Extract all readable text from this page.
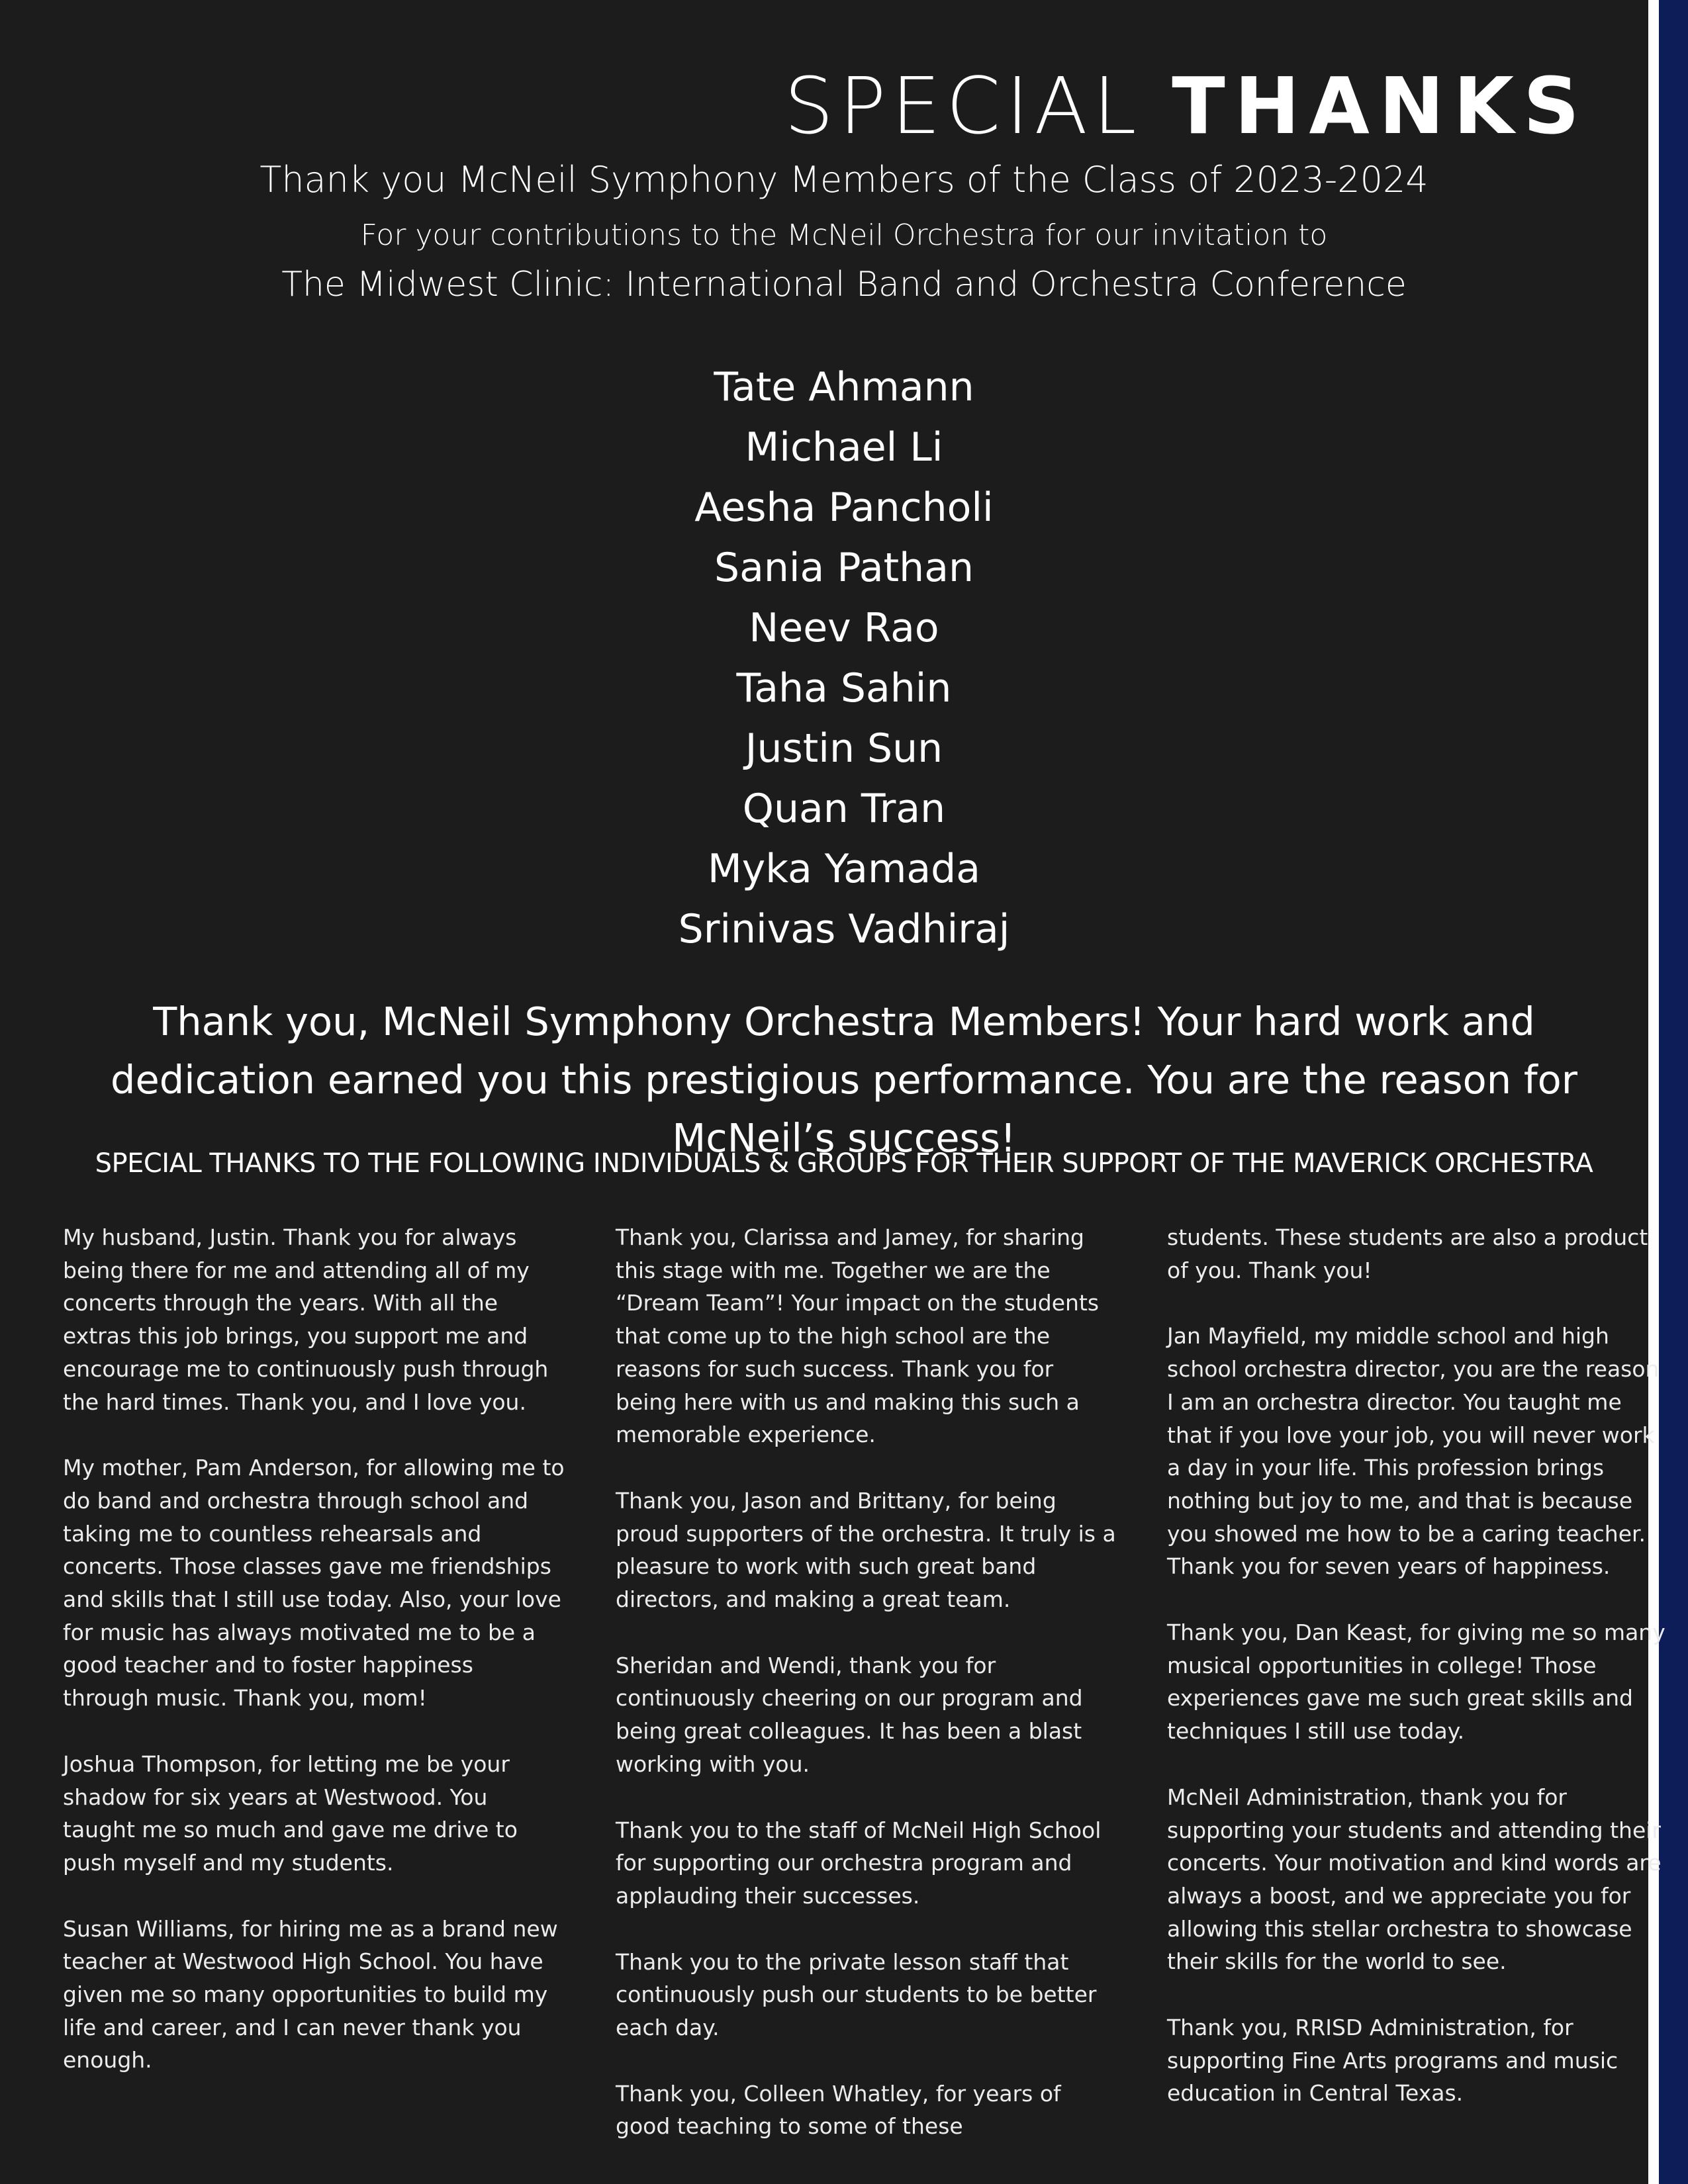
SPECIAL THANKS
Thank you McNeil Symphony Members of the Class of 2023-2024
For your contributions to the McNeil Orchestra for our invitation to
The Midwest Clinic: International Band and Orchestra Conference
Tate Ahmann
Michael Li
Aesha Pancholi
Sania Pathan
Neev Rao
Taha Sahin
Justin Sun
Quan Tran
Myka Yamada
Srinivas Vadhiraj
Thank you, McNeil Symphony Orchestra Members! Your hard work and dedication earned you this prestigious performance. You are the reason for McNeil’s success!
SPECIAL THANKS TO THE FOLLOWING INDIVIDUALS & GROUPS FOR THEIR SUPPORT OF THE MAVERICK ORCHESTRA

My husband, Justin. Thank you for always being there for me and attending all of my concerts through the years. With all the extras this job brings, you support me and encourage me to continuously push through the hard times. Thank you, and I love you.

My mother, Pam Anderson, for allowing me to do band and orchestra through school and taking me to countless rehearsals and concerts. Those classes gave me friendships and skills that I still use today. Also, your love for music has always motivated me to be a good teacher and to foster happiness through music. Thank you, mom!

Joshua Thompson, for letting me be your shadow for six years at Westwood. You taught me so much and gave me drive to push myself and my students.

Susan Williams, for hiring me as a brand new teacher at Westwood High School. You have given me so many opportunities to build my life and career, and I can never thank you enough.

Thank you, Clarissa and Jamey, for sharing this stage with me. Together we are the “Dream Team”! Your impact on the students that come up to the high school are the reasons for such success. Thank you for being here with us and making this such a memorable experience.

Thank you, Jason and Brittany, for being proud supporters of the orchestra. It truly is a pleasure to work with such great band directors, and making a great team.

Sheridan and Wendi, thank you for continuously cheering on our program and being great colleagues. It has been a blast working with you.

Thank you to the staff of McNeil High School for supporting our orchestra program and applauding their successes.

Thank you to the private lesson staff that continuously push our students to be better each day.

Thank you, Colleen Whatley, for years of good teaching to some of these

students. These students are also a product of you. Thank you!

Jan Mayfield, my middle school and high school orchestra director, you are the reason I am an orchestra director. You taught me that if you love your job, you will never work a day in your life. This profession brings nothing but joy to me, and that is because you showed me how to be a caring teacher. Thank you for seven years of happiness.

Thank you, Dan Keast, for giving me so many musical opportunities in college! Those experiences gave me such great skills and techniques I still use today.

McNeil Administration, thank you for supporting your students and attending their concerts. Your motivation and kind words are always a boost, and we appreciate you for allowing this stellar orchestra to showcase their skills for the world to see.

Thank you, RRISD Administration, for supporting Fine Arts programs and music education in Central Texas.
